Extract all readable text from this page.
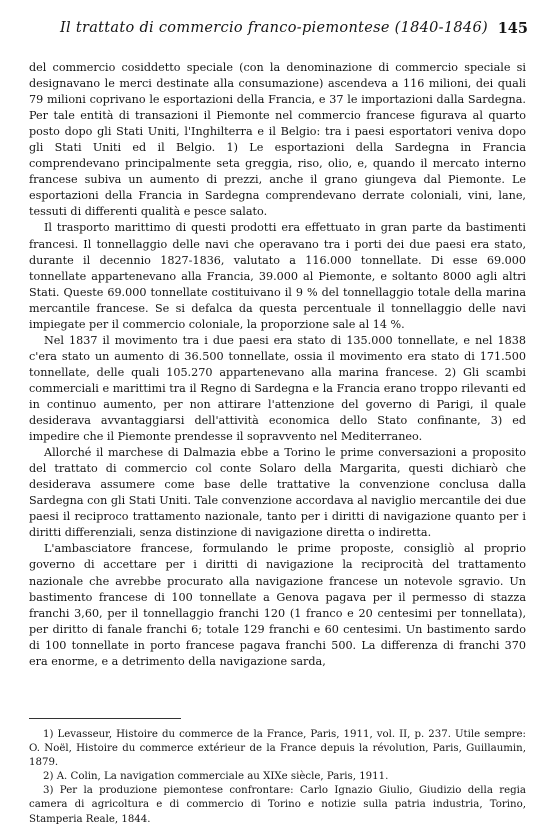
Il trattato di commercio franco-piemontese (1840-1846) 145

del commercio cosiddetto speciale (con la denominazione di commercio speciale si designavano le merci destinate alla consumazione) ascendeva a 116 milioni, dei quali 79 milioni coprivano le esportazioni della Francia, e 37 le importazioni dalla Sardegna. Per tale entità di transazioni il Piemonte nel commercio francese figurava al quarto posto dopo gli Stati Uniti, l'Inghilterra e il Belgio: tra i paesi esportatori veniva dopo gli Stati Uniti ed il Belgio. 1) Le esportazioni della Sardegna in Francia comprendevano principalmente seta greggia, riso, olio, e, quando il mercato interno francese subiva un aumento di prezzi, anche il grano giungeva dal Piemonte. Le esportazioni della Francia in Sardegna comprendevano derrate coloniali, vini, lane, tessuti di differenti qualità e pesce salato.

Il trasporto marittimo di questi prodotti era effettuato in gran parte da bastimenti francesi. Il tonnellaggio delle navi che operavano tra i porti dei due paesi era stato, durante il decennio 1827-1836, valutato a 116.000 tonnellate. Di esse 69.000 tonnellate appartenevano alla Francia, 39.000 al Piemonte, e soltanto 8000 agli altri Stati. Queste 69.000 tonnellate costituivano il 9 % del tonnellaggio totale della marina mercantile francese. Se si defalca da questa percentuale il tonnellaggio delle navi impiegate per il commercio coloniale, la proporzione sale al 14 %.

Nel 1837 il movimento tra i due paesi era stato di 135.000 tonnellate, e nel 1838 c'era stato un aumento di 36.500 tonnellate, ossia il movimento era stato di 171.500 tonnellate, delle quali 105.270 appartenevano alla marina francese. 2) Gli scambi commerciali e marittimi tra il Regno di Sardegna e la Francia erano troppo rilevanti ed in continuo aumento, per non attirare l'attenzione del governo di Parigi, il quale desiderava avvantaggiarsi dell'attività economica dello Stato confinante, 3) ed impedire che il Piemonte prendesse il sopravvento nel Mediterraneo.

Allorché il marchese di Dalmazia ebbe a Torino le prime conversazioni a proposito del trattato di commercio col conte Solaro della Margarita, questi dichiarò che desiderava assumere come base delle trattative la convenzione conclusa dalla Sardegna con gli Stati Uniti. Tale convenzione accordava al naviglio mercantile dei due paesi il reciproco trattamento nazionale, tanto per i diritti di navigazione quanto per i diritti differenziali, senza distinzione di navigazione diretta o indiretta.

L'ambasciatore francese, formulando le prime proposte, consigliò al proprio governo di accettare per i diritti di navigazione la reciprocità del trattamento nazionale che avrebbe procurato alla navigazione francese un notevole sgravio. Un bastimento francese di 100 tonnellate a Genova pagava per il permesso di stazza franchi 3,60, per il tonnellaggio franchi 120 (1 franco e 20 centesimi per tonnellata), per diritto di fanale franchi 6; totale 129 franchi e 60 centesimi. Un bastimento sardo di 100 tonnellate in porto francese pagava franchi 500. La differenza di franchi 370 era enorme, e a detrimento della navigazione sarda,

1) Levasseur, Histoire du commerce de la France, Paris, 1911, vol. II, p. 237. Utile sempre: O. Noël, Histoire du commerce extérieur de la France depuis la révolution, Paris, Guillaumin, 1879.

2) A. Colin, La navigation commerciale au XIXe siècle, Paris, 1911.

3) Per la produzione piemontese confrontare: Carlo Ignazio Giulio, Giudizio della regia camera di agricoltura e di commercio di Torino e notizie sulla patria industria, Torino, Stamperia Reale, 1844.
